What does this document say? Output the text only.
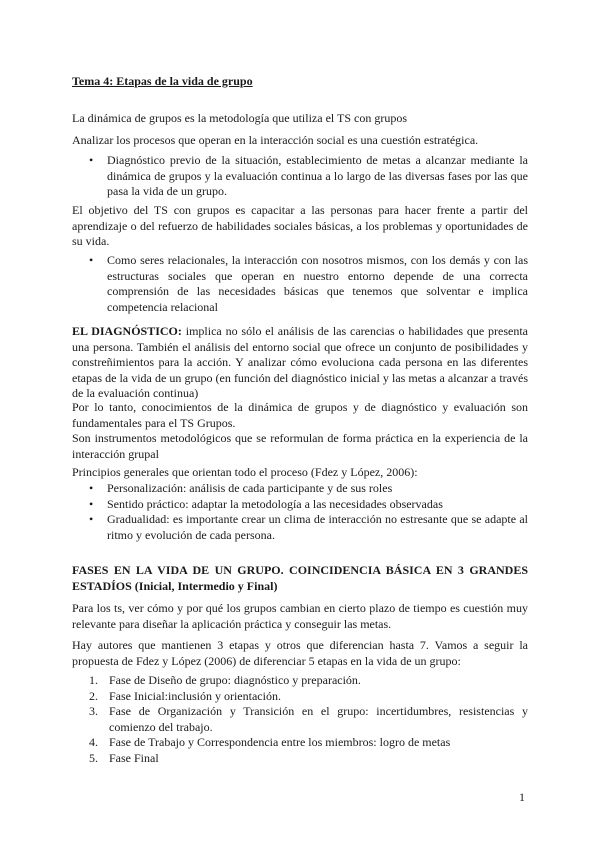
Tema 4: Etapas de la vida de grupo

La dinámica de grupos es la metodología que utiliza el TS con grupos

Analizar los procesos que operan en la interacción social es una cuestión estratégica.

• Diagnóstico previo de la situación, establecimiento de metas a alcanzar mediante la dinámica de grupos y la evaluación continua a lo largo de las diversas fases por las que pasa la vida de un grupo.

El objetivo del TS con grupos es capacitar a las personas para hacer frente a partir del aprendizaje o del refuerzo de habilidades sociales básicas, a los problemas y oportunidades de su vida.

• Como seres relacionales, la interacción con nosotros mismos, con los demás y con las estructuras sociales que operan en nuestro entorno depende de una correcta comprensión de las necesidades básicas que tenemos que solventar e implica competencia relacional

EL DIAGNÓSTICO: implica no sólo el análisis de las carencias o habilidades que presenta una persona. También el análisis del entorno social que ofrece un conjunto de posibilidades y constreñimientos para la acción. Y analizar cómo evoluciona cada persona en las diferentes etapas de la vida de un grupo (en función del diagnóstico inicial y las metas a alcanzar a través de la evaluación continua)

Por lo tanto, conocimientos de la dinámica de grupos y de diagnóstico y evaluación son fundamentales para el TS Grupos.

Son instrumentos metodológicos que se reformulan de forma práctica en la experiencia de la interacción grupal

Principios generales que orientan todo el proceso (Fdez y López, 2006):

• Personalización: análisis de cada participante y de sus roles
• Sentido práctico: adaptar la metodología a las necesidades observadas
• Gradualidad: es importante crear un clima de interacción no estresante que se adapte al ritmo y evolución de cada persona.

FASES EN LA VIDA DE UN GRUPO. COINCIDENCIA BÁSICA EN 3 GRANDES ESTADÍOS (Inicial, Intermedio y Final)

Para los ts, ver cómo y por qué los grupos cambian en cierto plazo de tiempo es cuestión muy relevante para diseñar la aplicación práctica y conseguir las metas.

Hay autores que mantienen 3 etapas y otros que diferencian hasta 7. Vamos a seguir la propuesta de Fdez y López (2006) de diferenciar 5 etapas en la vida de un grupo:

1. Fase de Diseño de grupo: diagnóstico y preparación.
2. Fase Inicial:inclusión y orientación.
3. Fase de Organización y Transición en el grupo: incertidumbres, resistencias y comienzo del trabajo.
4. Fase de Trabajo y Correspondencia entre los miembros: logro de metas
5. Fase Final
1
